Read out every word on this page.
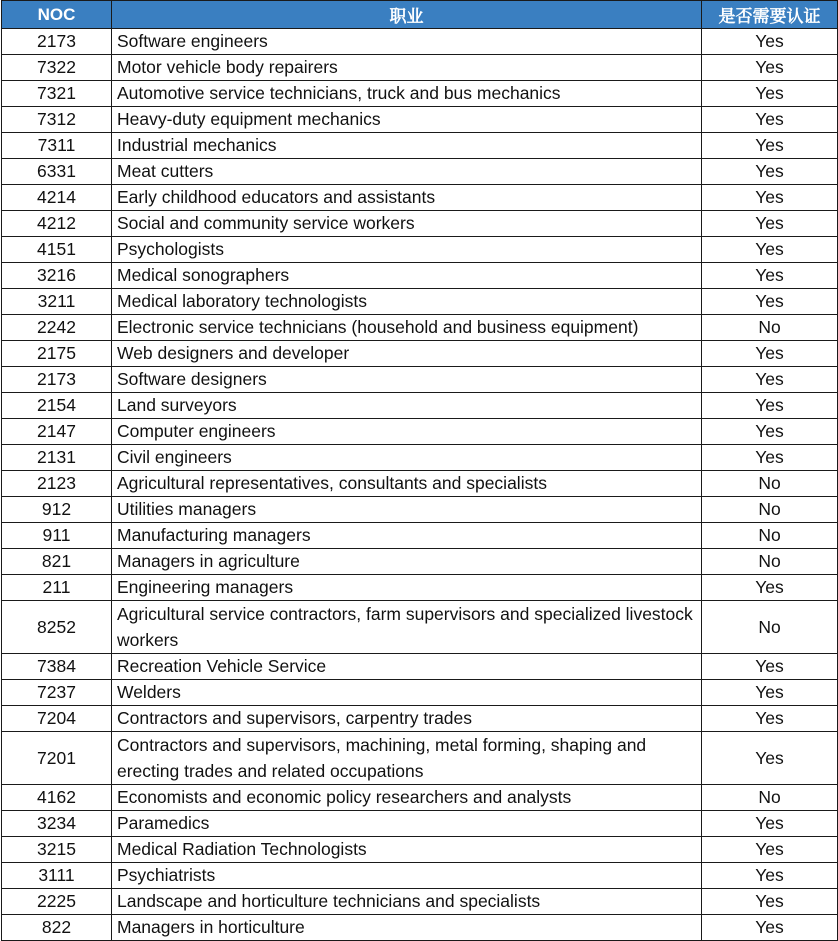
NOC	职业	是否需要认证
2173	Software engineers	Yes
7322	Motor vehicle body repairers	Yes
7321	Automotive service technicians, truck and bus mechanics	Yes
7312	Heavy-duty equipment mechanics	Yes
7311	Industrial mechanics	Yes
6331	Meat cutters	Yes
4214	Early childhood educators and assistants	Yes
4212	Social and community service workers	Yes
4151	Psychologists	Yes
3216	Medical sonographers	Yes
3211	Medical laboratory technologists	Yes
2242	Electronic service technicians (household and business equipment)	No
2175	Web designers and developer	Yes
2173	Software designers	Yes
2154	Land surveyors	Yes
2147	Computer engineers	Yes
2131	Civil engineers	Yes
2123	Agricultural representatives, consultants and specialists	No
912	Utilities managers	No
911	Manufacturing managers	No
821	Managers in agriculture	No
211	Engineering managers	Yes
8252	Agricultural service contractors, farm supervisors and specialized livestock workers	No
7384	Recreation Vehicle Service	Yes
7237	Welders	Yes
7204	Contractors and supervisors, carpentry trades	Yes
7201	Contractors and supervisors, machining, metal forming, shaping and erecting trades and related occupations	Yes
4162	Economists and economic policy researchers and analysts	No
3234	Paramedics	Yes
3215	Medical Radiation Technologists	Yes
3111	Psychiatrists	Yes
2225	Landscape and horticulture technicians and specialists	Yes
822	Managers in horticulture	Yes
